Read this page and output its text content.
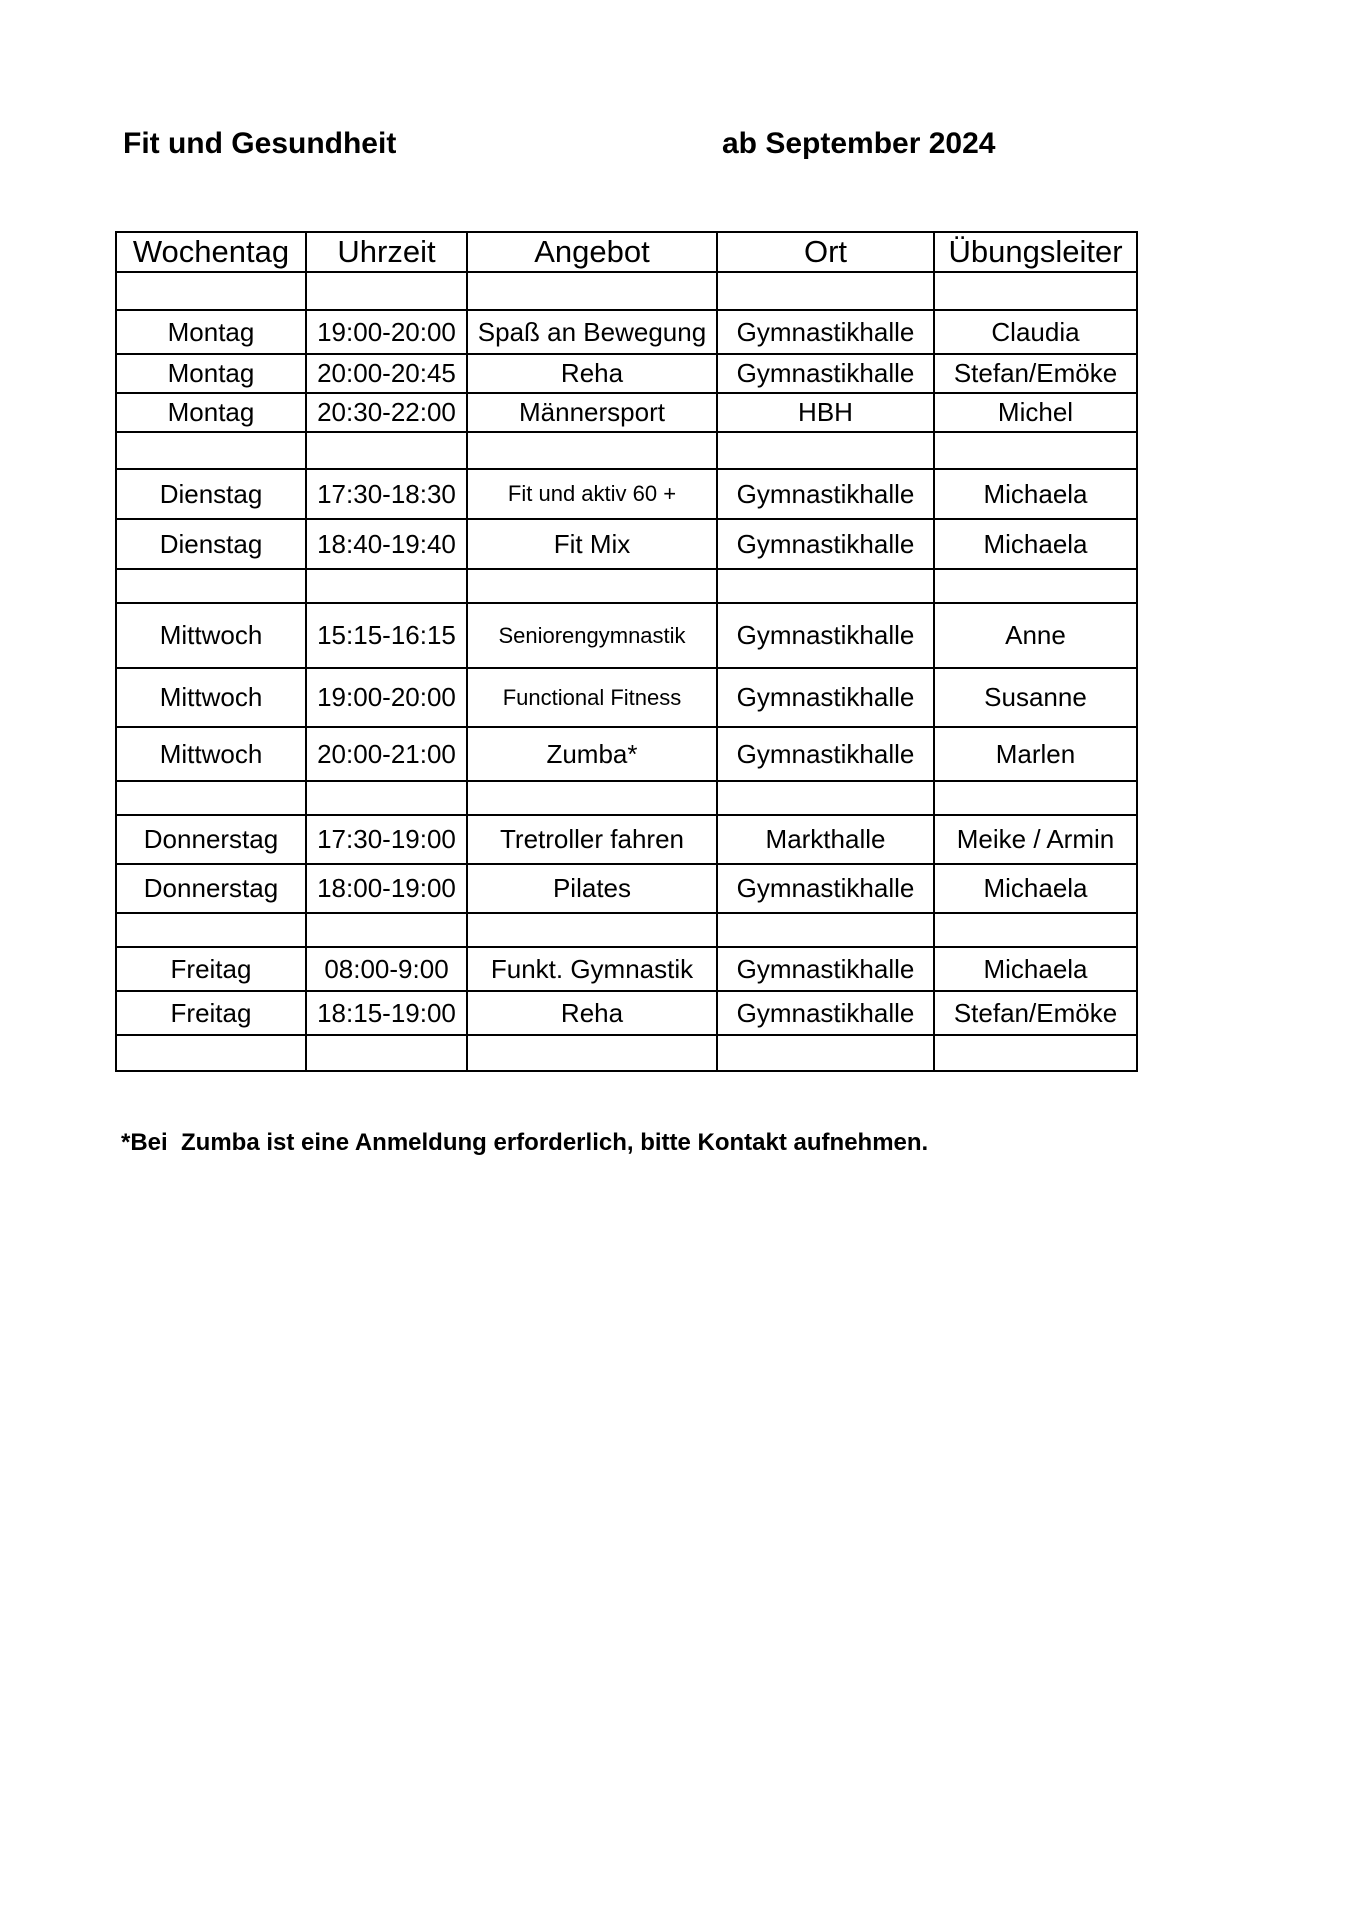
Fit und Gesundheit	ab September 2024
Wochentag	Uhrzeit	Angebot	Ort	Übungsleiter

Montag	19:00-20:00	Spaß an Bewegung	Gymnastikhalle	Claudia
Montag	20:00-20:45	Reha	Gymnastikhalle	Stefan/Emöke
Montag	20:30-22:00	Männersport	HBH	Michel

Dienstag	17:30-18:30	Fit und aktiv 60 +	Gymnastikhalle	Michaela
Dienstag	18:40-19:40	Fit Mix	Gymnastikhalle	Michaela

Mittwoch	15:15-16:15	Seniorengymnastik	Gymnastikhalle	Anne
Mittwoch	19:00-20:00	Functional Fitness	Gymnastikhalle	Susanne
Mittwoch	20:00-21:00	Zumba*	Gymnastikhalle	Marlen

Donnerstag	17:30-19:00	Tretroller fahren	Markthalle	Meike / Armin
Donnerstag	18:00-19:00	Pilates	Gymnastikhalle	Michaela

Freitag	08:00-9:00	Funkt. Gymnastik	Gymnastikhalle	Michaela
Freitag	18:15-19:00	Reha	Gymnastikhalle	Stefan/Emöke

*Bei  Zumba ist eine Anmeldung erforderlich, bitte Kontakt aufnehmen.
